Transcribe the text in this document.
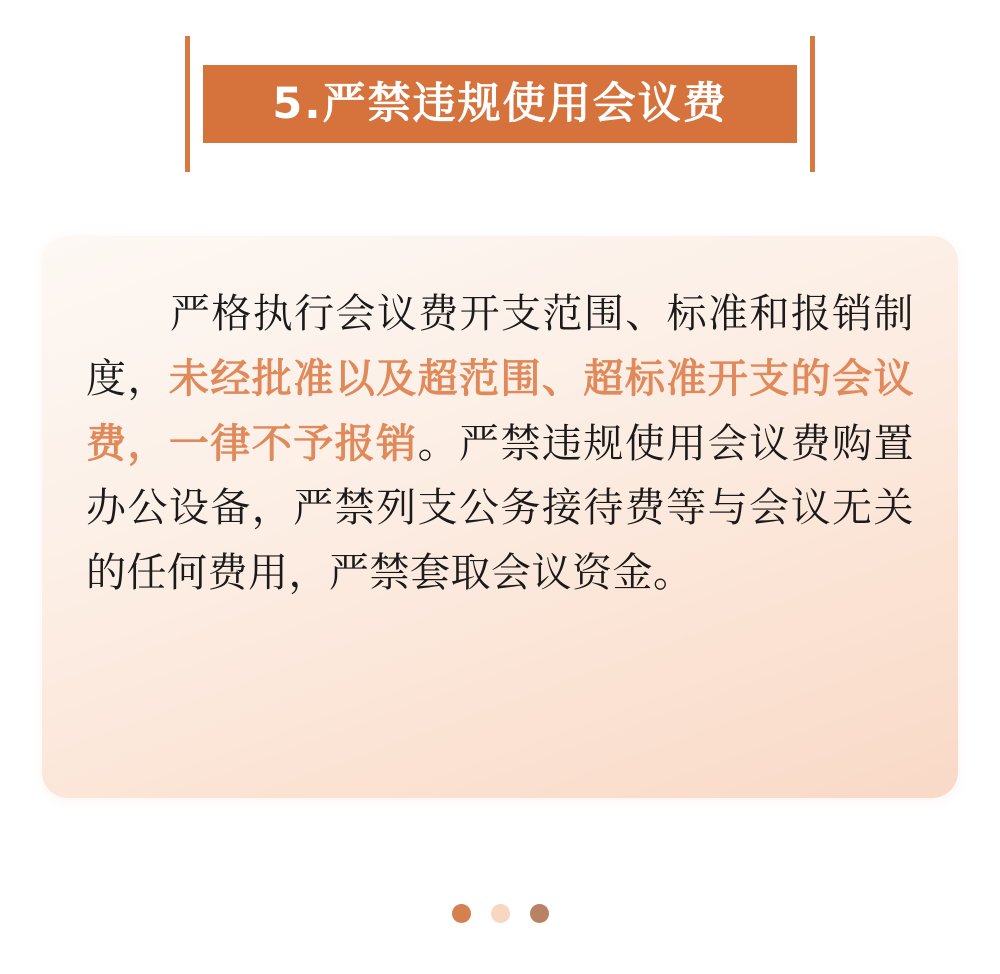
5.严禁违规使用会议费

严格执行会议费开支范围、标准和报销制度，未经批准以及超范围、超标准开支的会议费，一律不予报销。严禁违规使用会议费购置办公设备，严禁列支公务接待费等与会议无关的任何费用，严禁套取会议资金。
